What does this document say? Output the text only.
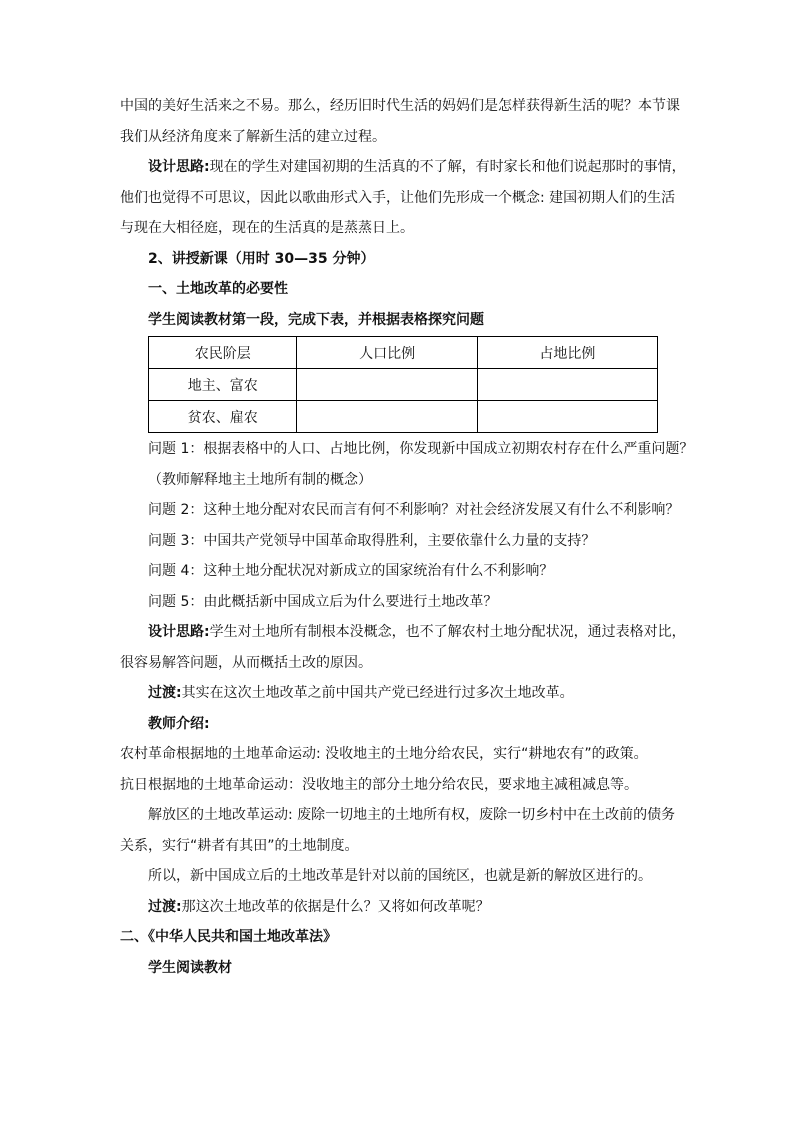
中国的美好生活来之不易。那么，经历旧时代生活的妈妈们是怎样获得新生活的呢？本节课
我们从经济角度来了解新生活的建立过程。
设计思路:现在的学生对建国初期的生活真的不了解，有时家长和他们说起那时的事情，
他们也觉得不可思议，因此以歌曲形式入手，让他们先形成一个概念: 建国初期人们的生活
与现在大相径庭，现在的生活真的是蒸蒸日上。
2、讲授新课（用时 30—35 分钟）
一、土地改革的必要性
学生阅读教材第一段，完成下表，并根据表格探究问题
农民阶层	人口比例	占地比例
地主、富农		
贫农、雇农		
问题 1：根据表格中的人口、占地比例，你发现新中国成立初期农村存在什么严重问题？
（教师解释地主土地所有制的概念）
问题 2：这种土地分配对农民而言有何不利影响？对社会经济发展又有什么不利影响？
问题 3：中国共产党领导中国革命取得胜利，主要依靠什么力量的支持？
问题 4：这种土地分配状况对新成立的国家统治有什么不利影响？
问题 5：由此概括新中国成立后为什么要进行土地改革？
设计思路:学生对土地所有制根本没概念，也不了解农村土地分配状况，通过表格对比，
很容易解答问题，从而概括土改的原因。
过渡:其实在这次土地改革之前中国共产党已经进行过多次土地改革。
教师介绍:
农村革命根据地的土地革命运动: 没收地主的土地分给农民，实行“耕地农有”的政策。
抗日根据地的土地革命运动：没收地主的部分土地分给农民，要求地主减租减息等。
解放区的土地改革运动: 废除一切地主的土地所有权，废除一切乡村中在土改前的债务
关系，实行“耕者有其田”的土地制度。
所以，新中国成立后的土地改革是针对以前的国统区，也就是新的解放区进行的。
过渡:那这次土地改革的依据是什么？又将如何改革呢？
二、《中华人民共和国土地改革法》
学生阅读教材
